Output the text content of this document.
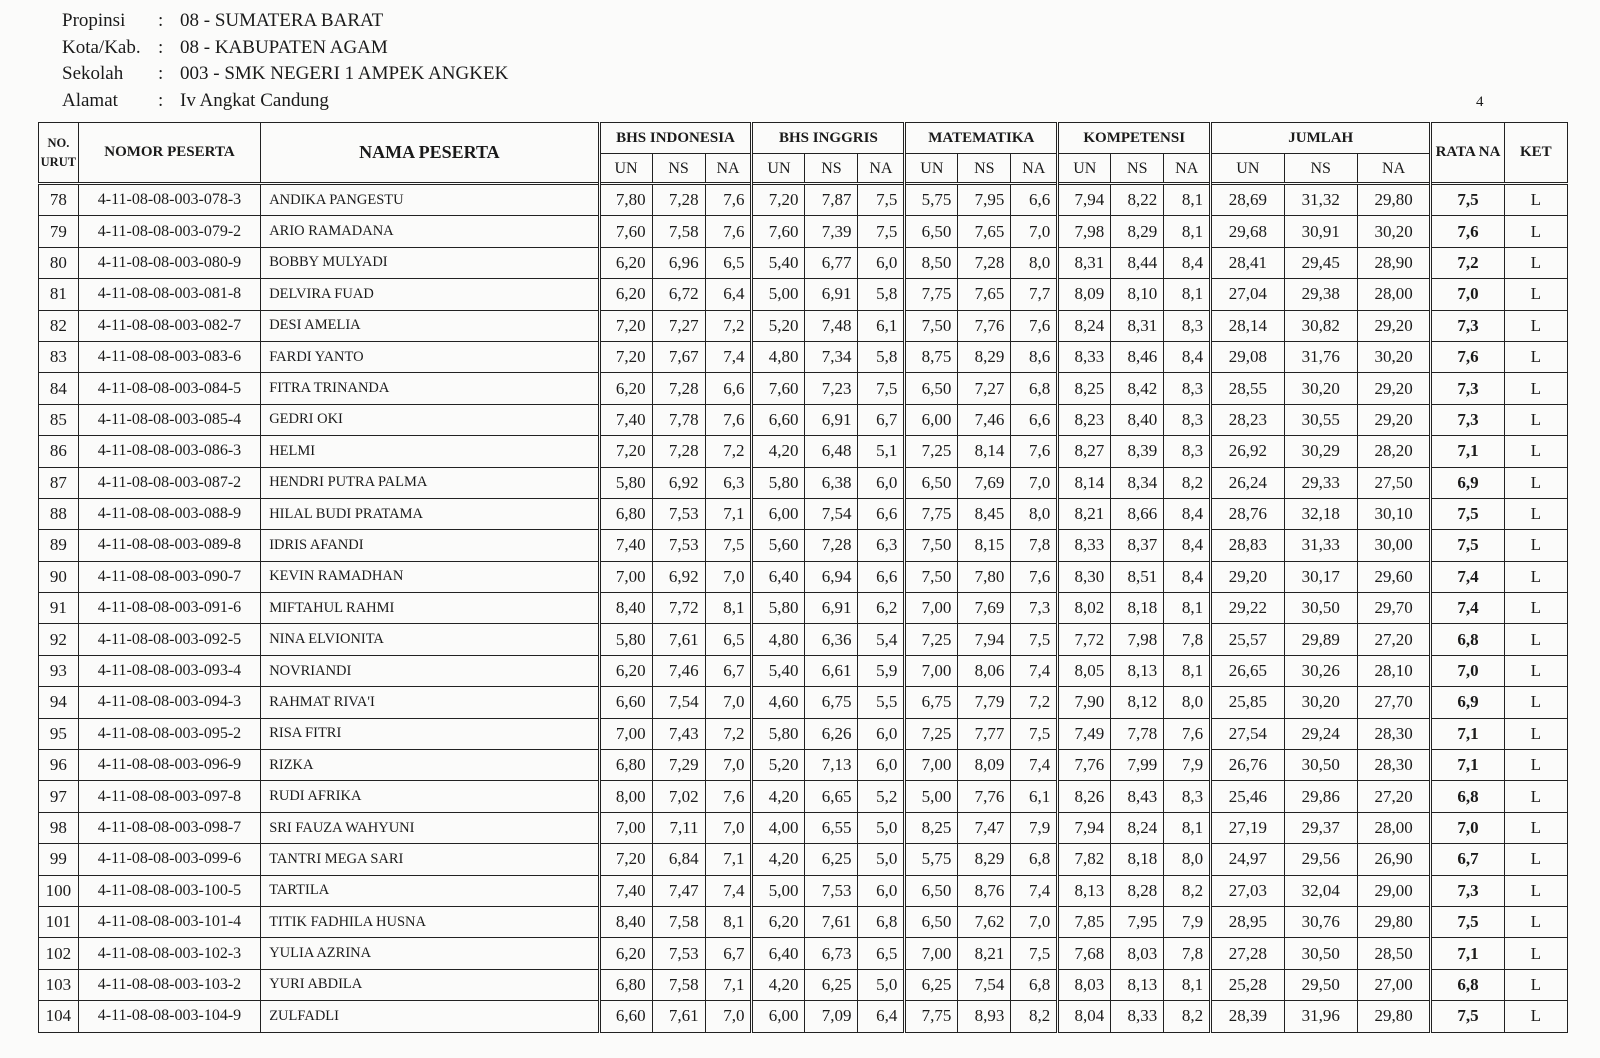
Propinsi	: 08 - SUMATERA BARAT
Kota/Kab. : 08 - KABUPATEN AGAM
Sekolah	: 003 - SMK NEGERI 1 AMPEK ANGKEK
Alamat	: Iv Angkat Candung	4
NO. URUT	NOMOR PESERTA	NAMA PESERTA	BHS INDONESIA			BHS INGGRIS			MATEMATIKA			KOMPETENSI			JUMLAH			RATA NA	KET
			UN	NS	NA	UN	NS	NA	UN	NS	NA	UN	NS	NA	UN	NS	NA		
78	4-11-08-08-003-078-3	ANDIKA PANGESTU	7,80	7,28	7,6	7,20	7,87	7,5	5,75	7,95	6,6	7,94	8,22	8,1	28,69	31,32	29,80	7,5	L
79	4-11-08-08-003-079-2	ARIO RAMADANA	7,60	7,58	7,6	7,60	7,39	7,5	6,50	7,65	7,0	7,98	8,29	8,1	29,68	30,91	30,20	7,6	L
80	4-11-08-08-003-080-9	BOBBY MULYADI	6,20	6,96	6,5	5,40	6,77	6,0	8,50	7,28	8,0	8,31	8,44	8,4	28,41	29,45	28,90	7,2	L
81	4-11-08-08-003-081-8	DELVIRA FUAD	6,20	6,72	6,4	5,00	6,91	5,8	7,75	7,65	7,7	8,09	8,10	8,1	27,04	29,38	28,00	7,0	L
82	4-11-08-08-003-082-7	DESI AMELIA	7,20	7,27	7,2	5,20	7,48	6,1	7,50	7,76	7,6	8,24	8,31	8,3	28,14	30,82	29,20	7,3	L
83	4-11-08-08-003-083-6	FARDI YANTO	7,20	7,67	7,4	4,80	7,34	5,8	8,75	8,29	8,6	8,33	8,46	8,4	29,08	31,76	30,20	7,6	L
84	4-11-08-08-003-084-5	FITRA TRINANDA	6,20	7,28	6,6	7,60	7,23	7,5	6,50	7,27	6,8	8,25	8,42	8,3	28,55	30,20	29,20	7,3	L
85	4-11-08-08-003-085-4	GEDRI OKI	7,40	7,78	7,6	6,60	6,91	6,7	6,00	7,46	6,6	8,23	8,40	8,3	28,23	30,55	29,20	7,3	L
86	4-11-08-08-003-086-3	HELMI	7,20	7,28	7,2	4,20	6,48	5,1	7,25	8,14	7,6	8,27	8,39	8,3	26,92	30,29	28,20	7,1	L
87	4-11-08-08-003-087-2	HENDRI PUTRA PALMA	5,80	6,92	6,3	5,80	6,38	6,0	6,50	7,69	7,0	8,14	8,34	8,2	26,24	29,33	27,50	6,9	L
88	4-11-08-08-003-088-9	HILAL BUDI PRATAMA	6,80	7,53	7,1	6,00	7,54	6,6	7,75	8,45	8,0	8,21	8,66	8,4	28,76	32,18	30,10	7,5	L
89	4-11-08-08-003-089-8	IDRIS AFANDI	7,40	7,53	7,5	5,60	7,28	6,3	7,50	8,15	7,8	8,33	8,37	8,4	28,83	31,33	30,00	7,5	L
90	4-11-08-08-003-090-7	KEVIN RAMADHAN	7,00	6,92	7,0	6,40	6,94	6,6	7,50	7,80	7,6	8,30	8,51	8,4	29,20	30,17	29,60	7,4	L
91	4-11-08-08-003-091-6	MIFTAHUL RAHMI	8,40	7,72	8,1	5,80	6,91	6,2	7,00	7,69	7,3	8,02	8,18	8,1	29,22	30,50	29,70	7,4	L
92	4-11-08-08-003-092-5	NINA ELVIONITA	5,80	7,61	6,5	4,80	6,36	5,4	7,25	7,94	7,5	7,72	7,98	7,8	25,57	29,89	27,20	6,8	L
93	4-11-08-08-003-093-4	NOVRIANDI	6,20	7,46	6,7	5,40	6,61	5,9	7,00	8,06	7,4	8,05	8,13	8,1	26,65	30,26	28,10	7,0	L
94	4-11-08-08-003-094-3	RAHMAT RIVA'I	6,60	7,54	7,0	4,60	6,75	5,5	6,75	7,79	7,2	7,90	8,12	8,0	25,85	30,20	27,70	6,9	L
95	4-11-08-08-003-095-2	RISA FITRI	7,00	7,43	7,2	5,80	6,26	6,0	7,25	7,77	7,5	7,49	7,78	7,6	27,54	29,24	28,30	7,1	L
96	4-11-08-08-003-096-9	RIZKA	6,80	7,29	7,0	5,20	7,13	6,0	7,00	8,09	7,4	7,76	7,99	7,9	26,76	30,50	28,30	7,1	L
97	4-11-08-08-003-097-8	RUDI AFRIKA	8,00	7,02	7,6	4,20	6,65	5,2	5,00	7,76	6,1	8,26	8,43	8,3	25,46	29,86	27,20	6,8	L
98	4-11-08-08-003-098-7	SRI FAUZA WAHYUNI	7,00	7,11	7,0	4,00	6,55	5,0	8,25	7,47	7,9	7,94	8,24	8,1	27,19	29,37	28,00	7,0	L
99	4-11-08-08-003-099-6	TANTRI MEGA SARI	7,20	6,84	7,1	4,20	6,25	5,0	5,75	8,29	6,8	7,82	8,18	8,0	24,97	29,56	26,90	6,7	L
100	4-11-08-08-003-100-5	TARTILA	7,40	7,47	7,4	5,00	7,53	6,0	6,50	8,76	7,4	8,13	8,28	8,2	27,03	32,04	29,00	7,3	L
101	4-11-08-08-003-101-4	TITIK FADHILA HUSNA	8,40	7,58	8,1	6,20	7,61	6,8	6,50	7,62	7,0	7,85	7,95	7,9	28,95	30,76	29,80	7,5	L
102	4-11-08-08-003-102-3	YULIA AZRINA	6,20	7,53	6,7	6,40	6,73	6,5	7,00	8,21	7,5	7,68	8,03	7,8	27,28	30,50	28,50	7,1	L
103	4-11-08-08-003-103-2	YURI ABDILA	6,80	7,58	7,1	4,20	6,25	5,0	6,25	7,54	6,8	8,03	8,13	8,1	25,28	29,50	27,00	6,8	L
104	4-11-08-08-003-104-9	ZULFADLI	6,60	7,61	7,0	6,00	7,09	6,4	7,75	8,93	8,2	8,04	8,33	8,2	28,39	31,96	29,80	7,5	L
